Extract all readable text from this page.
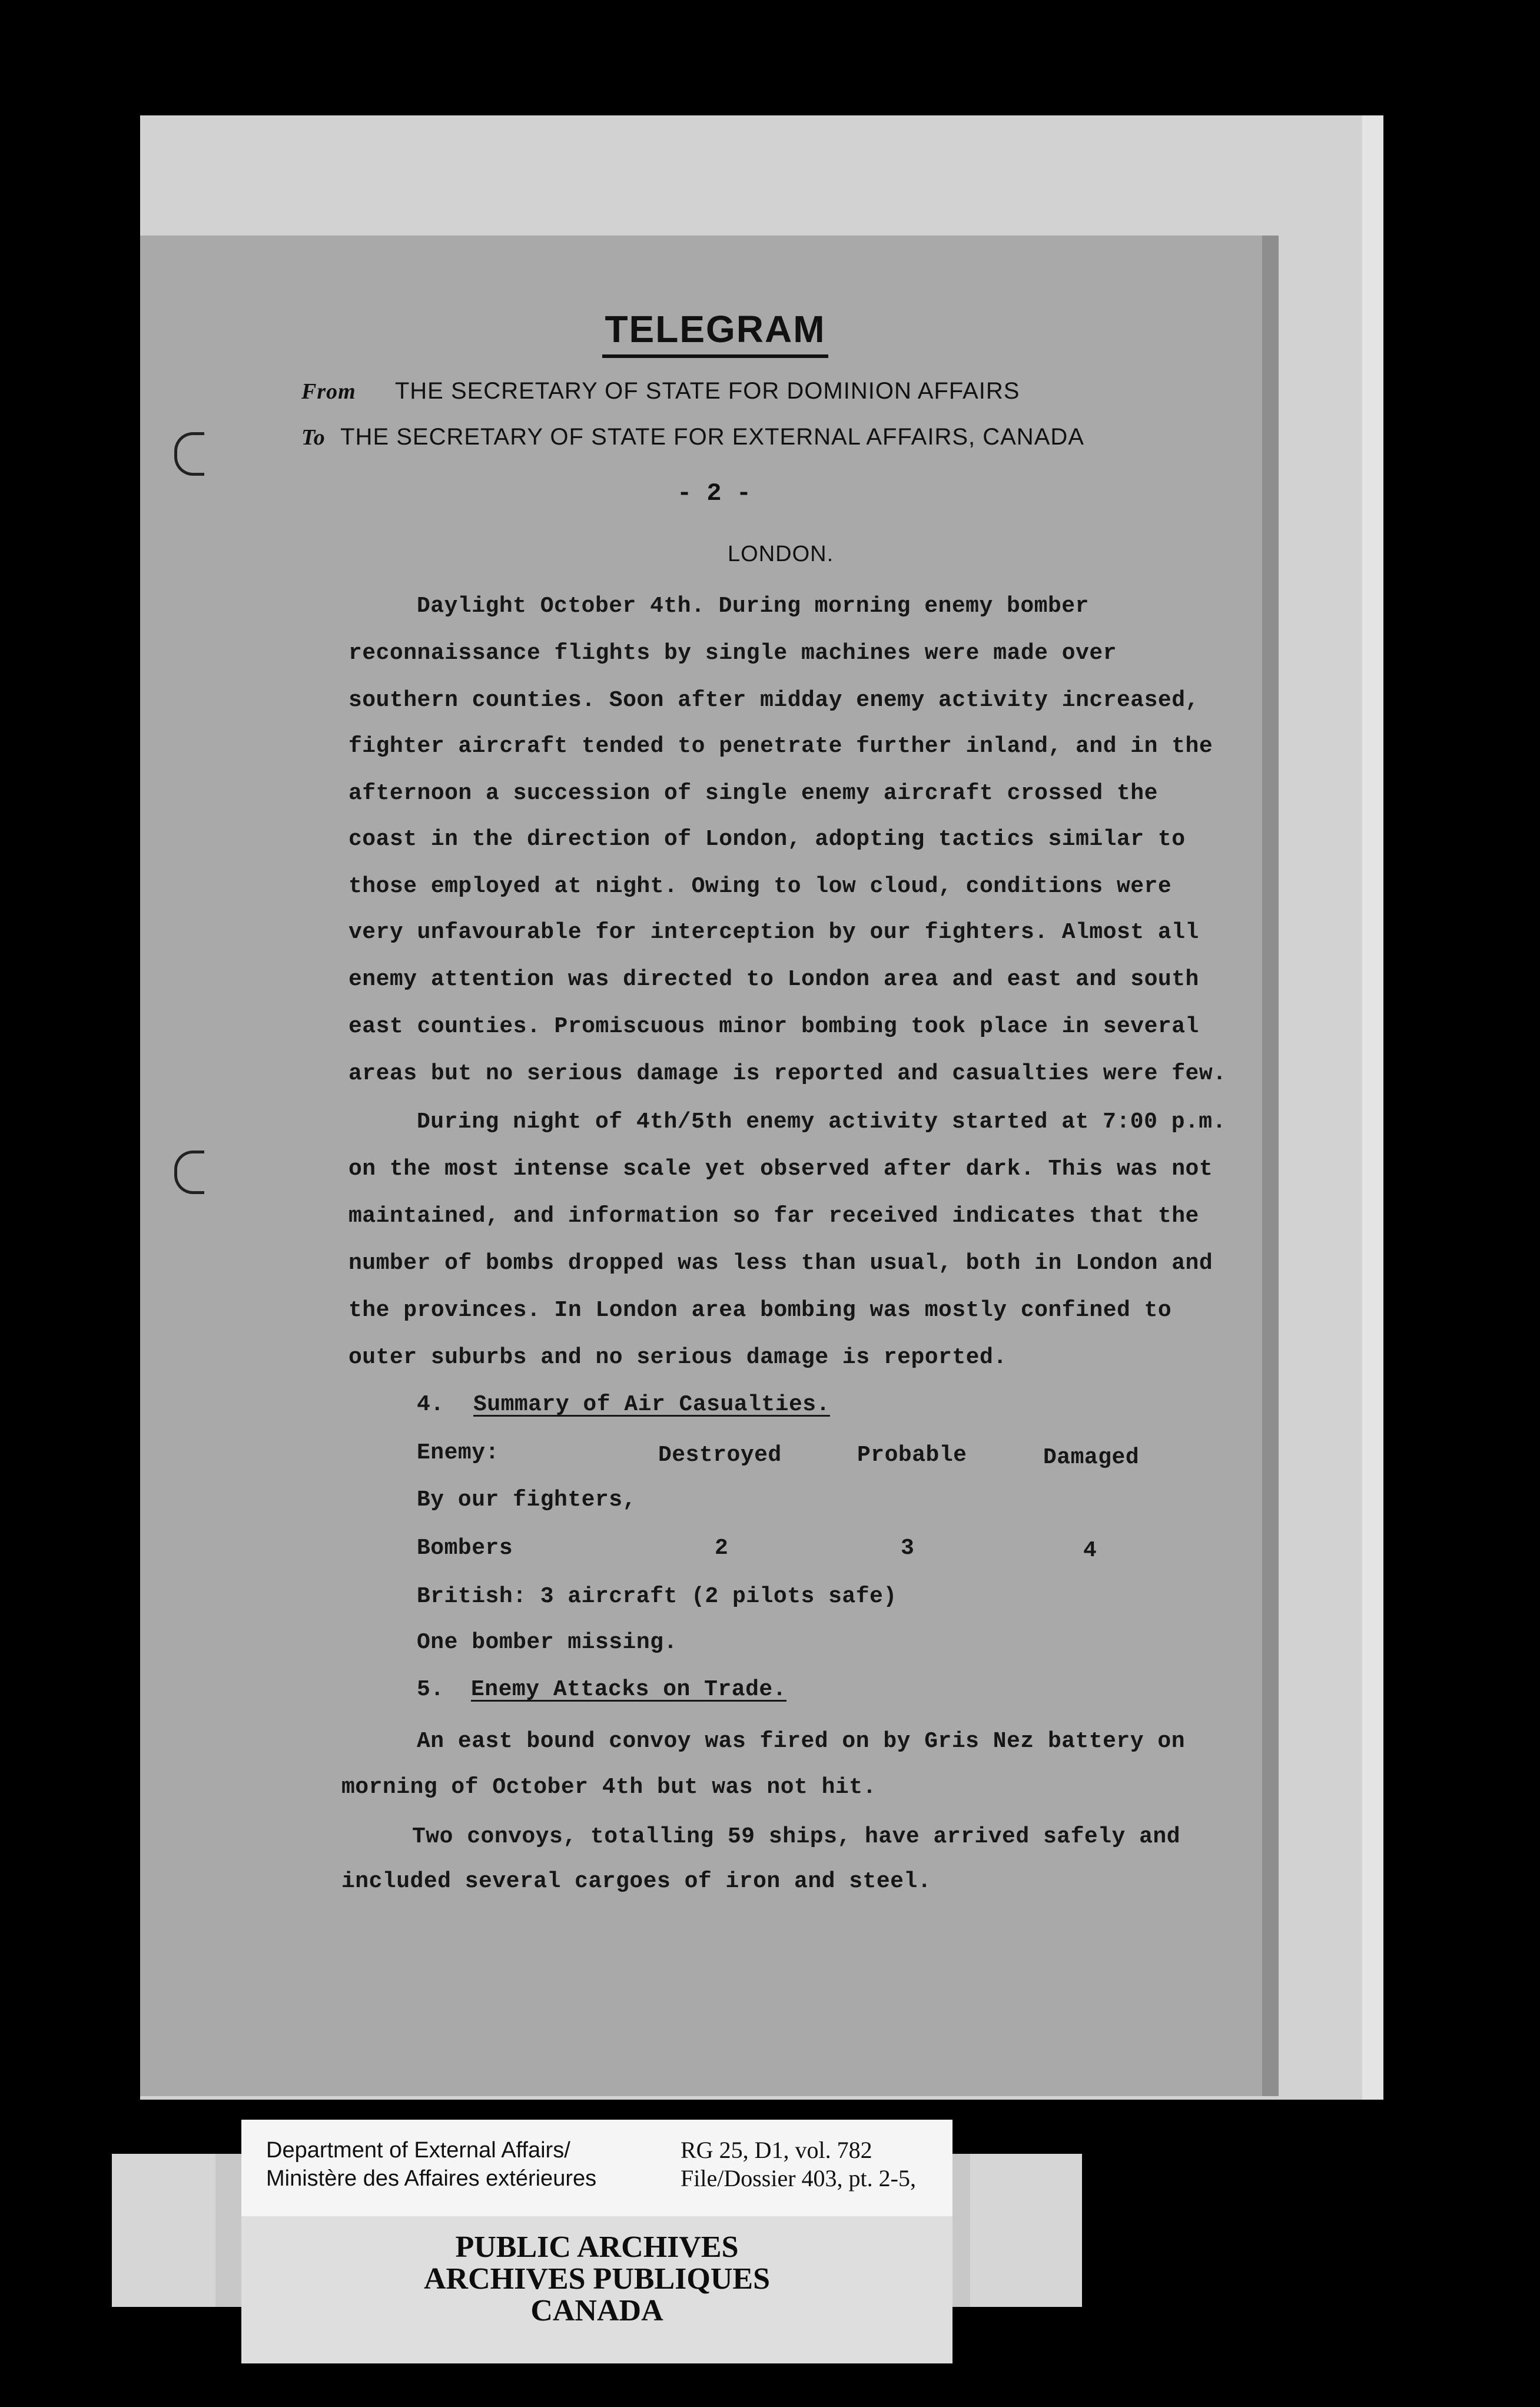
TELEGRAM
From THE SECRETARY OF STATE FOR DOMINION AFFAIRS
To THE SECRETARY OF STATE FOR EXTERNAL AFFAIRS, CANADA
- 2 -
LONDON.
Daylight October 4th. During morning enemy bomber
reconnaissance flights by single machines were made over
southern counties. Soon after midday enemy activity increased,
fighter aircraft tended to penetrate further inland, and in the
afternoon a succession of single enemy aircraft crossed the
coast in the direction of London, adopting tactics similar to
those employed at night. Owing to low cloud, conditions were
very unfavourable for interception by our fighters. Almost all
enemy attention was directed to London area and east and south
east counties. Promiscuous minor bombing took place in several
areas but no serious damage is reported and casualties were few.
During night of 4th/5th enemy activity started at 7:00 p.m.
on the most intense scale yet observed after dark. This was not
maintained, and information so far received indicates that the
number of bombs dropped was less than usual, both in London and
the provinces. In London area bombing was mostly confined to
outer suburbs and no serious damage is reported.
4. Summary of Air Casualties.
Enemy:	Destroyed	Probable	Damaged
By our fighters,
Bombers	2	3	4
British: 3 aircraft (2 pilots safe)
One bomber missing.
5. Enemy Attacks on Trade.
An east bound convoy was fired on by Gris Nez battery on
morning of October 4th but was not hit.
Two convoys, totalling 59 ships, have arrived safely and
included several cargoes of iron and steel.
Department of External Affairs/
Ministère des Affaires extérieures
RG 25, D1, vol. 782
File/Dossier 403, pt. 2-5,
PUBLIC ARCHIVES
ARCHIVES PUBLIQUES
CANADA
